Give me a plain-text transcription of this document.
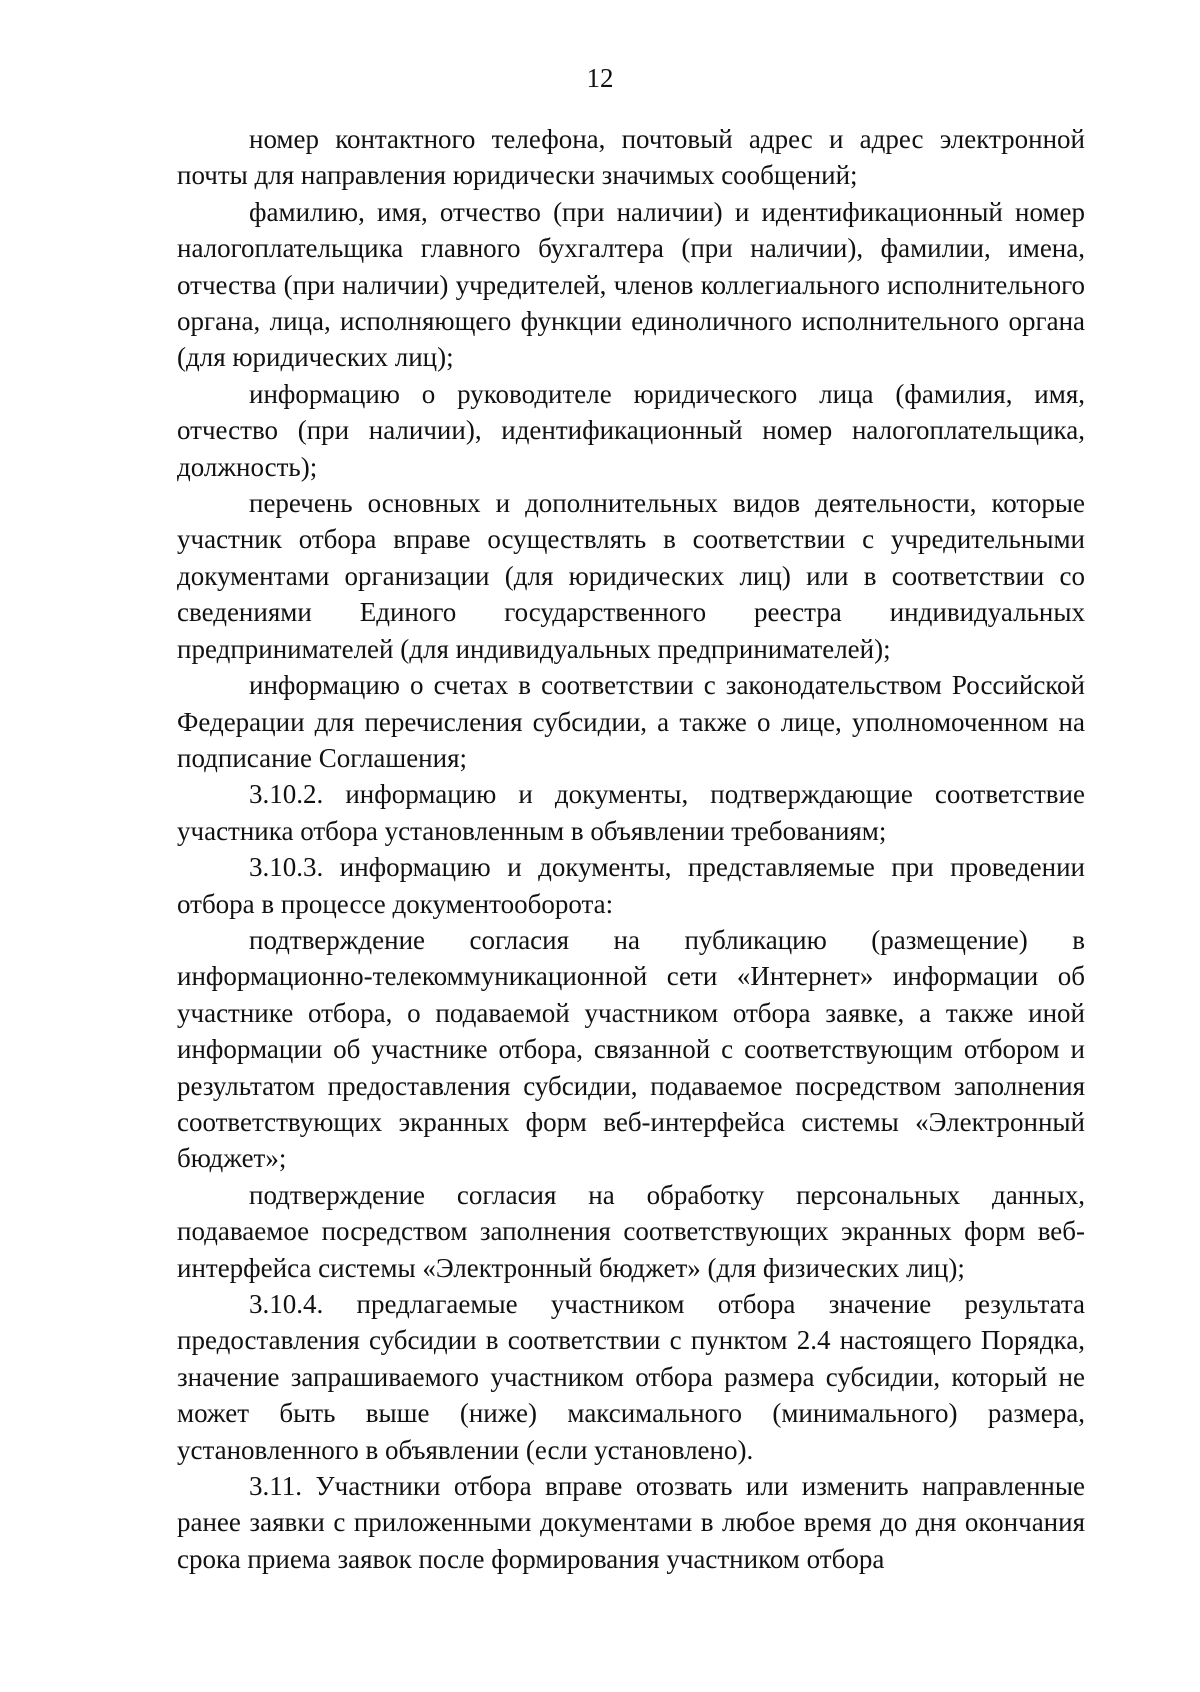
12

номер контактного телефона, почтовый адрес и адрес электронной почты для направления юридически значимых сообщений;

фамилию, имя, отчество (при наличии) и идентификационный номер налогоплательщика главного бухгалтера (при наличии), фамилии, имена, отчества (при наличии) учредителей, членов коллегиального исполнительного органа, лица, исполняющего функции единоличного исполнительного органа (для юридических лиц);

информацию о руководителе юридического лица (фамилия, имя, отчество (при наличии), идентификационный номер налогоплательщика, должность);

перечень основных и дополнительных видов деятельности, которые участник отбора вправе осуществлять в соответствии с учредительными документами организации (для юридических лиц) или в соответствии со сведениями Единого государственного реестра индивидуальных предпринимателей (для индивидуальных предпринимателей);

информацию о счетах в соответствии с законодательством Российской Федерации для перечисления субсидии, а также о лице, уполномоченном на подписание Соглашения;

3.10.2. информацию и документы, подтверждающие соответствие участника отбора установленным в объявлении требованиям;

3.10.3. информацию и документы, представляемые при проведении отбора в процессе документооборота:

подтверждение согласия на публикацию (размещение) в информационно-телекоммуникационной сети «Интернет» информации об участнике отбора, о подаваемой участником отбора заявке, а также иной информации об участнике отбора, связанной с соответствующим отбором и результатом предоставления субсидии, подаваемое посредством заполнения соответствующих экранных форм веб-интерфейса системы «Электронный бюджет»;

подтверждение согласия на обработку персональных данных, подаваемое посредством заполнения соответствующих экранных форм веб-интерфейса системы «Электронный бюджет» (для физических лиц);

3.10.4. предлагаемые участником отбора значение результата предоставления субсидии в соответствии с пунктом 2.4 настоящего Порядка, значение запрашиваемого участником отбора размера субсидии, который не может быть выше (ниже) максимального (минимального) размера, установленного в объявлении (если установлено).

3.11. Участники отбора вправе отозвать или изменить направленные ранее заявки с приложенными документами в любое время до дня окончания срока приема заявок после формирования участником отбора
